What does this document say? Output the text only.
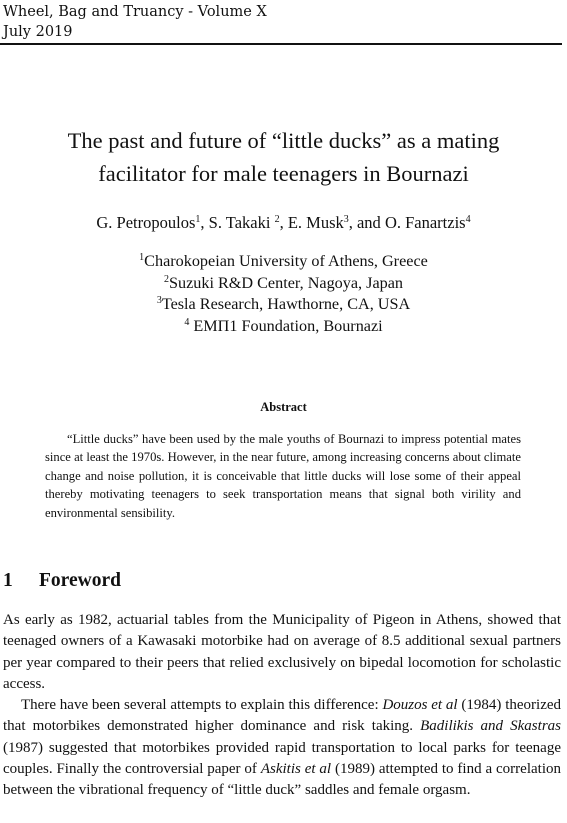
Wheel, Bag and Truancy - Volume X
July 2019
The past and future of “little ducks” as a mating
facilitator for male teenagers in Bournazi
G. Petropoulos$^1$, S. Takaki $^2$, E. Musk$^3$, and O. Fanartzis$^4$
$^1$Charokopeian University of Athens, Greece
$^2$Suzuki R&D Center, Nagoya, Japan
$^3$Tesla Research, Hawthorne, CA, USA
$^4$ ΕΜΠ1 Foundation, Bournazi
Abstract
“Little ducks” have been used by the male youths of Bournazi to impress potential mates since at least the 1970s. However, in the near future, among increasing concerns about climate change and noise pollution, it is conceivable that little ducks will lose some of their appeal thereby motivating teenagers to seek transportation means that signal both virility and environmental sensibility.
1 Foreword

As early as 1982, actuarial tables from the Municipality of Pigeon in Athens, showed that teenaged owners of a Kawasaki motorbike had on average of 8.5 additional sexual partners per year compared to their peers that relied exclusively on bipedal locomotion for scholastic access.

There have been several attempts to explain this difference: Douzos et al (1984) theorized that motorbikes demonstrated higher dominance and risk taking. Badilikis and Skastras (1987) suggested that motorbikes provided rapid transportation to local parks for teenage couples. Finally the controversial paper of Askitis et al (1989) attempted to find a correlation between the vibrational frequency of “little duck” saddles and female orgasm.
